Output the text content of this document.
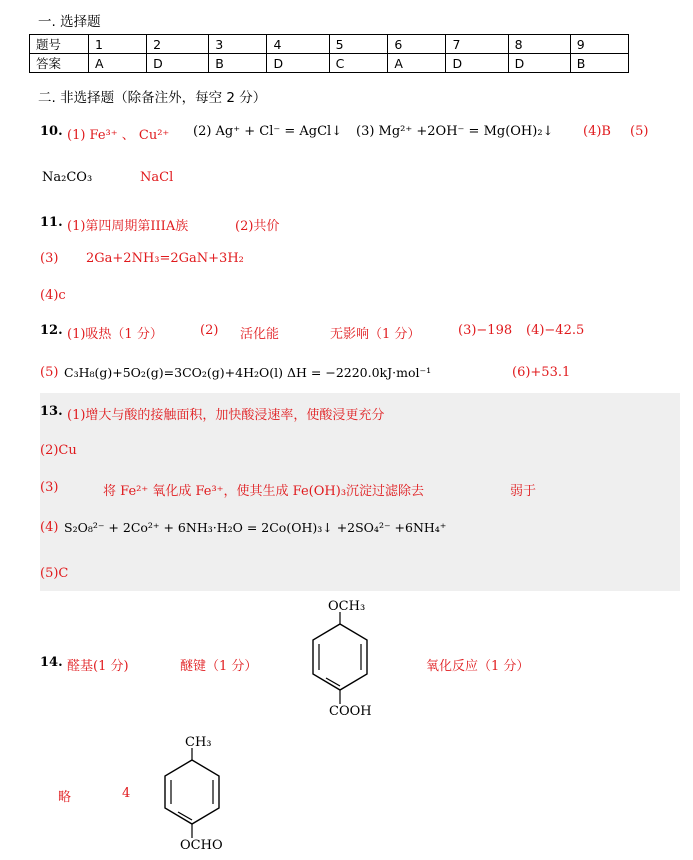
一. 选择题
题号	1	2	3	4	5	6	7	8	9
答案	A	D	B	D	C	A	D	D	B
二. 非选择题（除备注外，每空 2 分）
10. (1) Fe³⁺ 、 Cu²⁺ (2) Ag⁺ + Cl⁻ = AgCl↓ (3) Mg²⁺ +2OH⁻ = Mg(OH)₂↓ (4)B (5)
Na₂CO₃	NaCl
11. (1)第四周期第IIIA族	(2)共价
(3) 2Ga+2NH₃=2GaN+3H₂
(4)c
12. (1)吸热（1 分）	(2) 活化能	无影响（1 分）	(3)−198 (4)−42.5
(5) C₃H₈(g)+5O₂(g)=3CO₂(g)+4H₂O(l) ΔH = −2220.0kJ·mol⁻¹	(6)+53.1
13. (1)增大与酸的接触面积，加快酸浸速率，使酸浸更充分
(2)Cu
(3)	将 Fe²⁺ 氧化成 Fe³⁺，使其生成 Fe(OH)₃沉淀过滤除去	弱于
(4) S₂O₈²⁻ + 2Co²⁺ + 6NH₃·H₂O = 2Co(OH)₃↓ +2SO₄²⁻ +6NH₄⁺
(5)C
14. 醛基(1 分)	醚键（1 分）	氧化反应（1 分）
OCH₃
COOH
略	4
CH₃
OCHO
